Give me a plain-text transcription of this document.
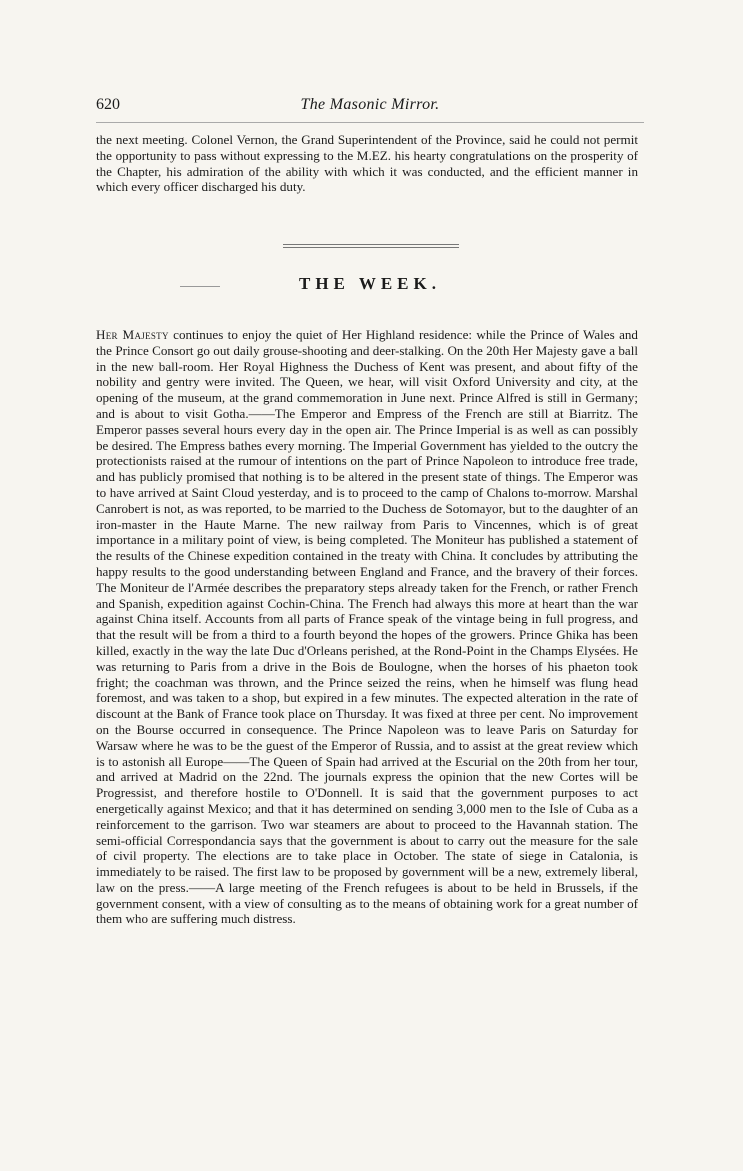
620	The Masonic Mirror.

the next meeting. Colonel Vernon, the Grand Superintendent of the Province, said he could not permit the opportunity to pass without expressing to the M.EZ. his hearty congratulations on the prosperity of the Chapter, his admiration of the ability with which it was conducted, and the efficient manner in which every officer discharged his duty.

THE WEEK.

Her Majesty continues to enjoy the quiet of Her Highland residence: while the Prince of Wales and the Prince Consort go out daily grouse-shooting and deer-stalking. On the 20th Her Majesty gave a ball in the new ball-room. Her Royal Highness the Duchess of Kent was present, and about fifty of the nobility and gentry were invited. The Queen, we hear, will visit Oxford University and city, at the opening of the museum, at the grand commemoration in June next. Prince Alfred is still in Germany; and is about to visit Gotha.——The Emperor and Empress of the French are still at Biarritz. The Emperor passes several hours every day in the open air. The Prince Imperial is as well as can possibly be desired. The Empress bathes every morning. The Imperial Government has yielded to the outcry the protectionists raised at the rumour of intentions on the part of Prince Napoleon to introduce free trade, and has publicly promised that nothing is to be altered in the present state of things. The Emperor was to have arrived at Saint Cloud yesterday, and is to proceed to the camp of Chalons to-morrow. Marshal Canrobert is not, as was reported, to be married to the Duchess de Sotomayor, but to the daughter of an iron-master in the Haute Marne. The new railway from Paris to Vincennes, which is of great importance in a military point of view, is being completed. The Moniteur has published a statement of the results of the Chinese expedition contained in the treaty with China. It concludes by attributing the happy results to the good understanding between England and France, and the bravery of their forces. The Moniteur de l'Armée describes the preparatory steps already taken for the French, or rather French and Spanish, expedition against Cochin-China. The French had always this more at heart than the war against China itself. Accounts from all parts of France speak of the vintage being in full progress, and that the result will be from a third to a fourth beyond the hopes of the growers. Prince Ghika has been killed, exactly in the way the late Duc d'Orleans perished, at the Rond-Point in the Champs Elysées. He was returning to Paris from a drive in the Bois de Boulogne, when the horses of his phaeton took fright; the coachman was thrown, and the Prince seized the reins, when he himself was flung head foremost, and was taken to a shop, but expired in a few minutes. The expected alteration in the rate of discount at the Bank of France took place on Thursday. It was fixed at three per cent. No improvement on the Bourse occurred in consequence. The Prince Napoleon was to leave Paris on Saturday for Warsaw where he was to be the guest of the Emperor of Russia, and to assist at the great review which is to astonish all Europe——The Queen of Spain had arrived at the Escurial on the 20th from her tour, and arrived at Madrid on the 22nd. The journals express the opinion that the new Cortes will be Progressist, and therefore hostile to O'Donnell. It is said that the government purposes to act energetically against Mexico; and that it has determined on sending 3,000 men to the Isle of Cuba as a reinforcement to the garrison. Two war steamers are about to proceed to the Havannah station. The semi-official Correspondancia says that the government is about to carry out the measure for the sale of civil property. The elections are to take place in October. The state of siege in Catalonia, is immediately to be raised. The first law to be proposed by government will be a new, extremely liberal, law on the press.——A large meeting of the French refugees is about to be held in Brussels, if the government consent, with a view of consulting as to the means of obtaining work for a great number of them who are suffering much distress.
